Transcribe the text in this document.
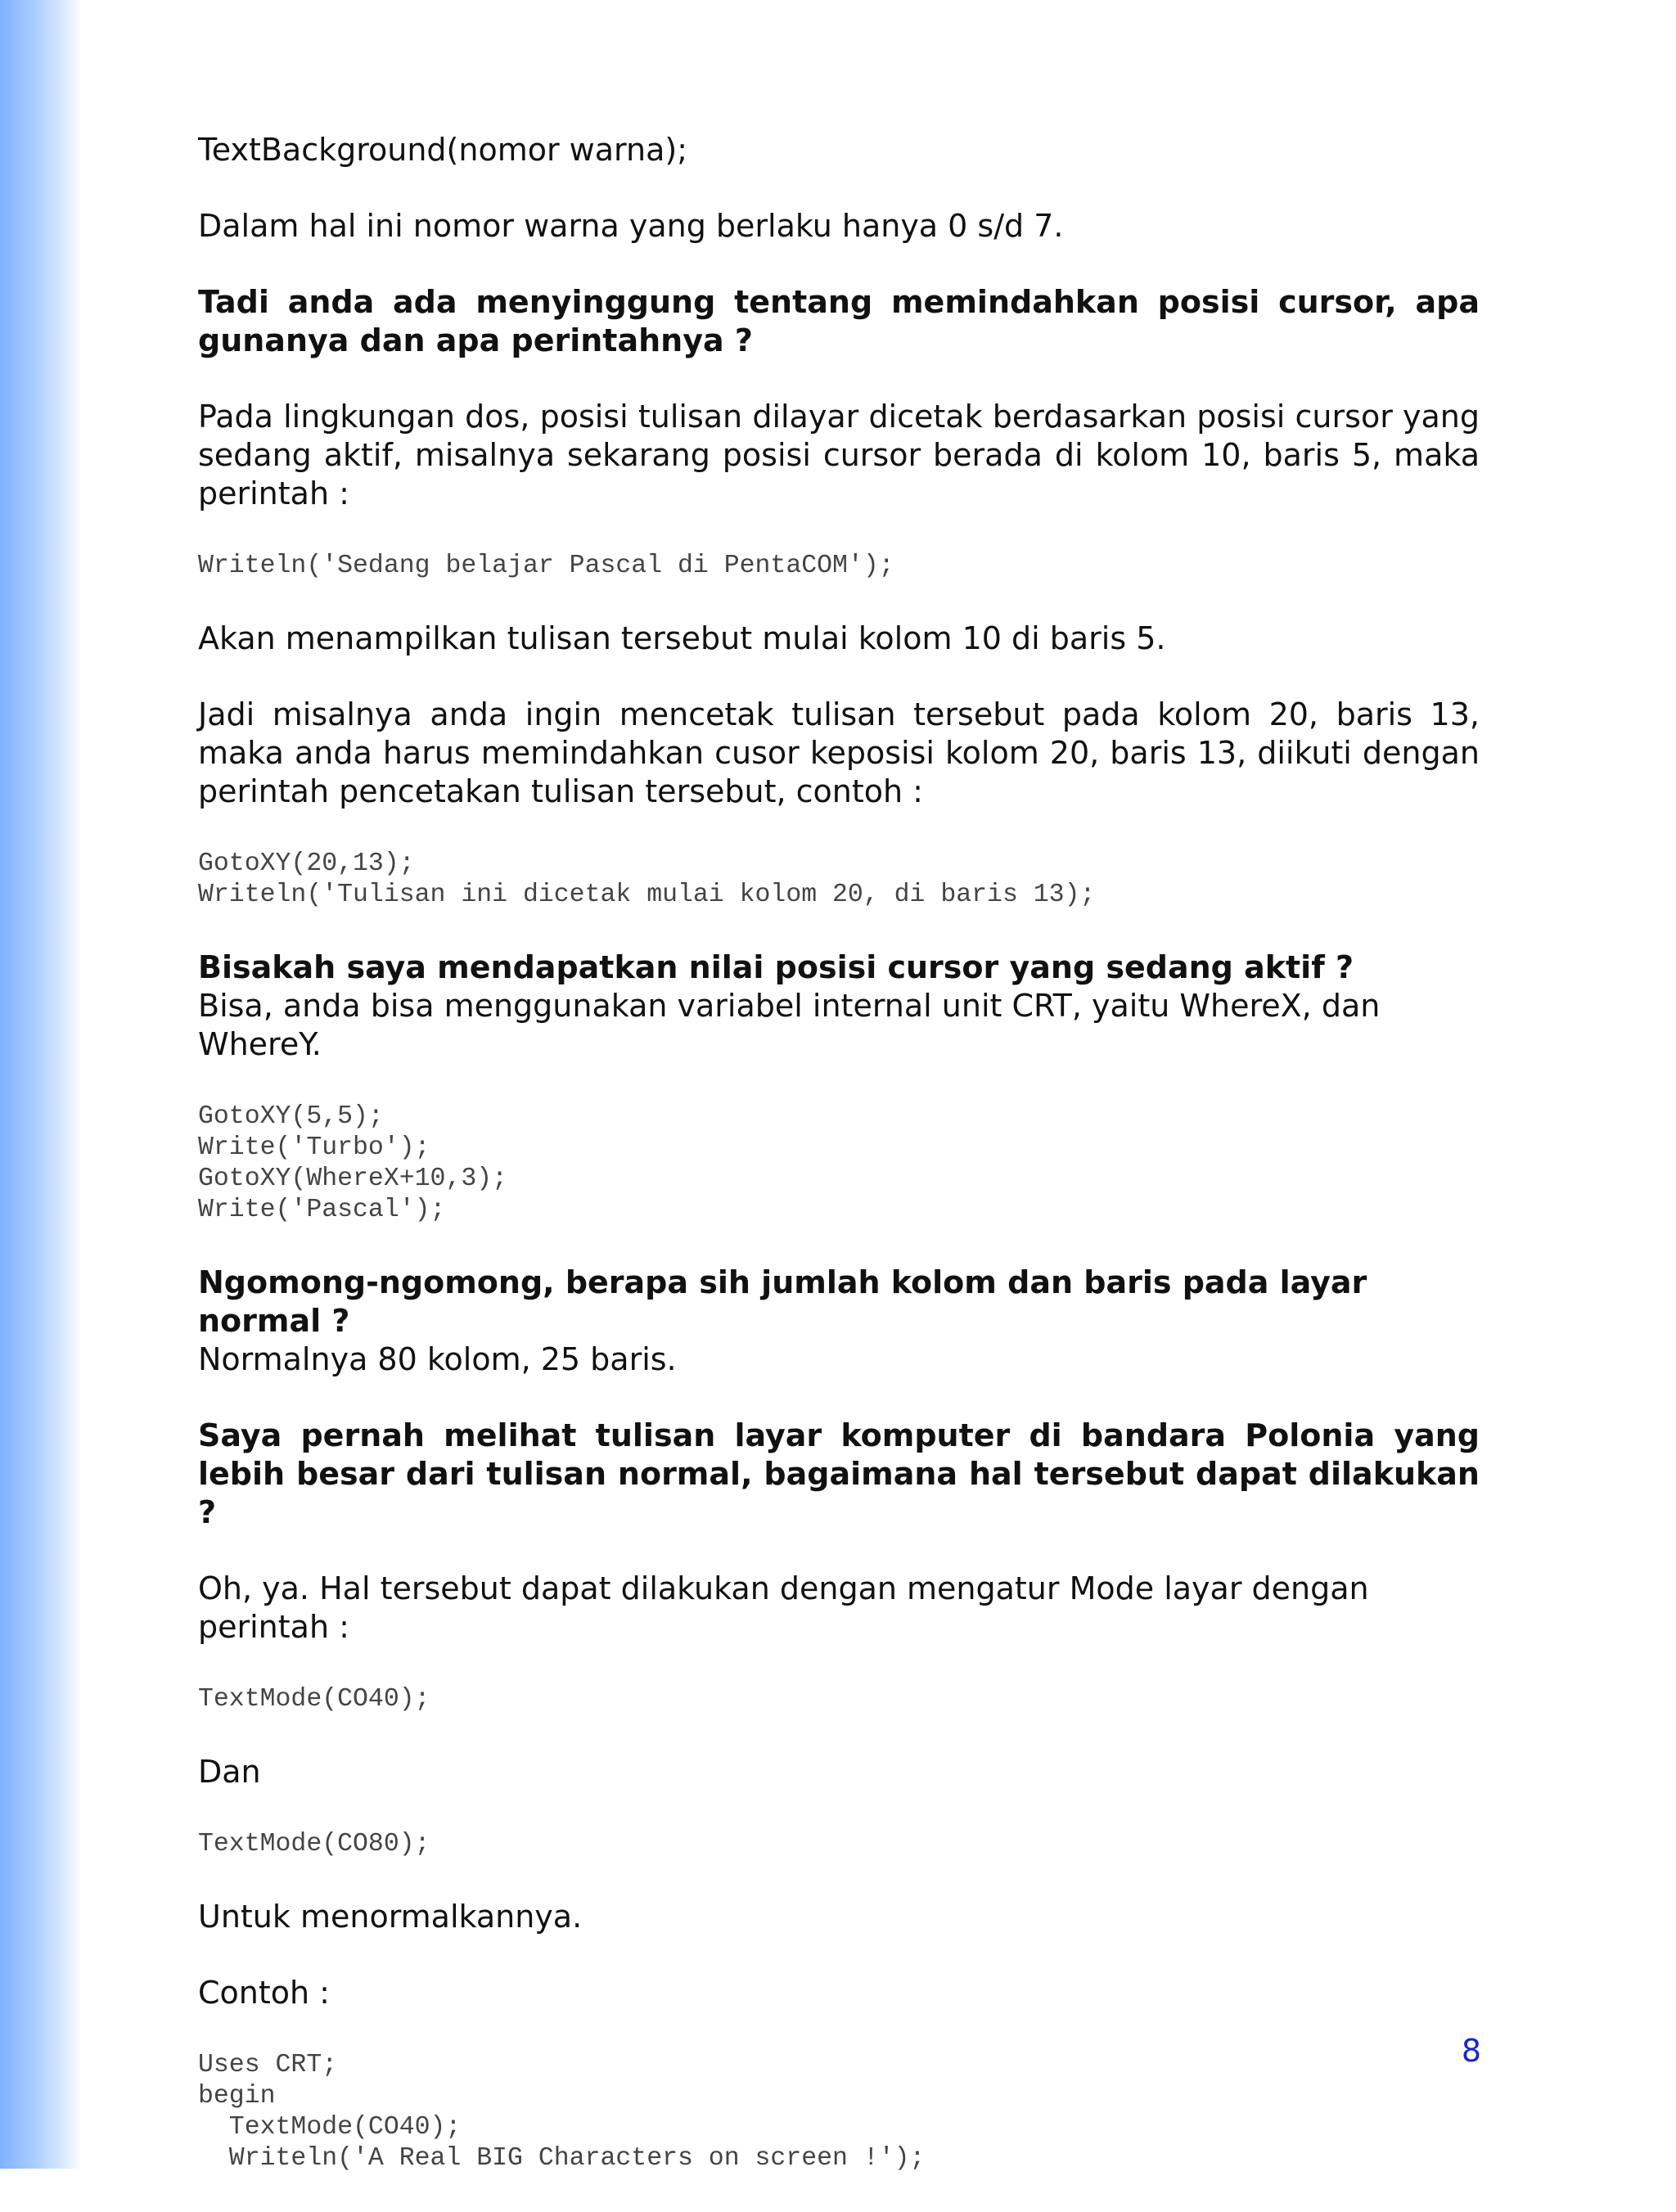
TextBackground(nomor warna);

Dalam hal ini nomor warna yang berlaku hanya 0 s/d 7.

Tadi anda ada menyinggung tentang memindahkan posisi cursor, apa gunanya dan apa perintahnya ?

Pada lingkungan dos, posisi tulisan dilayar dicetak berdasarkan posisi cursor yang sedang aktif, misalnya sekarang posisi cursor berada di kolom 10, baris 5, maka perintah :

Writeln('Sedang belajar Pascal di PentaCOM');

Akan menampilkan tulisan tersebut mulai kolom 10 di baris 5.

Jadi misalnya anda ingin mencetak tulisan tersebut pada kolom 20, baris 13, maka anda harus memindahkan cusor keposisi kolom 20, baris 13, diikuti dengan perintah pencetakan tulisan tersebut, contoh :

GotoXY(20,13);
Writeln('Tulisan ini dicetak mulai kolom 20, di baris 13);

Bisakah saya mendapatkan nilai posisi cursor yang sedang aktif ?

Bisa, anda bisa menggunakan variabel internal unit CRT, yaitu WhereX, dan WhereY.

GotoXY(5,5);
Write('Turbo');
GotoXY(WhereX+10,3);
Write('Pascal');

Ngomong-ngomong, berapa sih jumlah kolom dan baris pada layar normal ?

Normalnya 80 kolom, 25 baris.

Saya pernah melihat tulisan layar komputer di bandara Polonia yang lebih besar dari tulisan normal, bagaimana hal tersebut dapat dilakukan ?

Oh, ya. Hal tersebut dapat dilakukan dengan mengatur Mode layar dengan perintah :

TextMode(CO40);

Dan

TextMode(CO80);

Untuk menormalkannya.

Contoh :

Uses CRT;
begin
TextMode(CO40);
Writeln('A Real BIG Characters on screen !');
8
